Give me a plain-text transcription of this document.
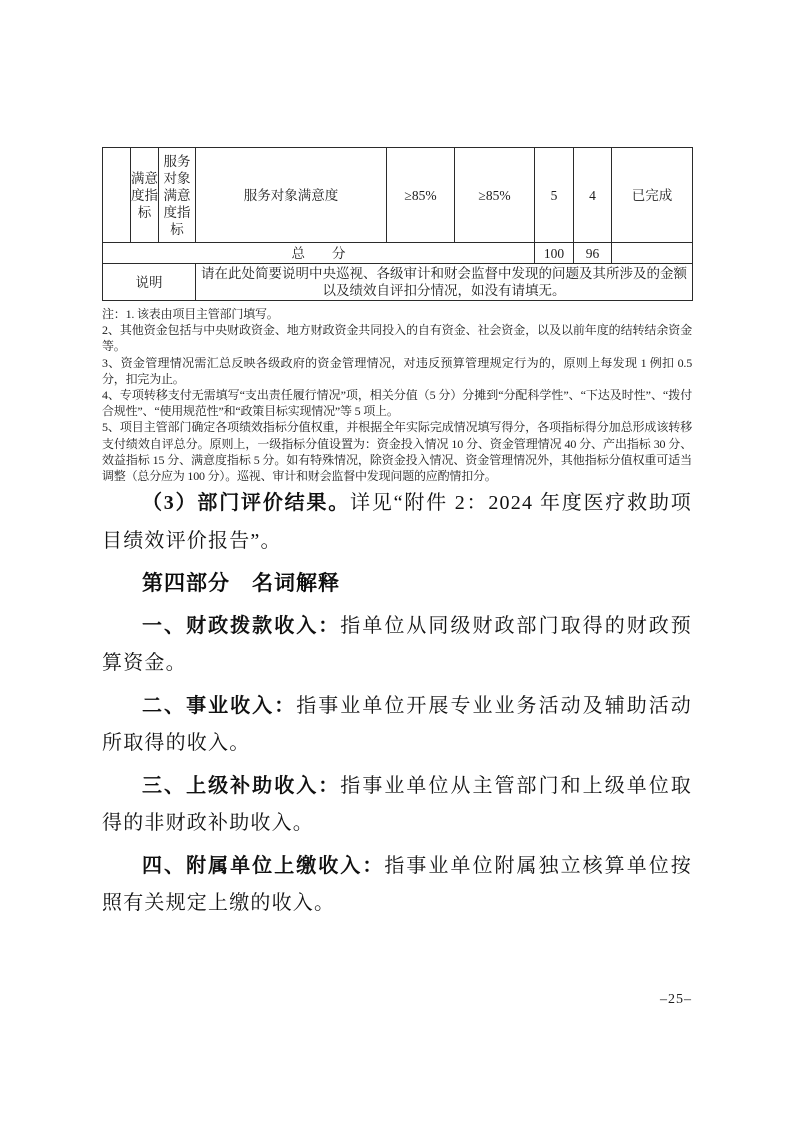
	满意度指标	服务对象满意度指标	服务对象满意度	≥85%	≥85%	5	4	已完成
总　　分						100	96	
说明			请在此处简要说明中央巡视、各级审计和财会监督中发现的问题及其所涉及的金额以及绩效自评扣分情况，如没有请填无。					

注：1. 该表由项目主管部门填写。

2、其他资金包括与中央财政资金、地方财政资金共同投入的自有资金、社会资金，以及以前年度的结转结余资金等。

3、资金管理情况需汇总反映各级政府的资金管理情况，对违反预算管理规定行为的，原则上每发现 1 例扣 0.5 分，扣完为止。

4、专项转移支付无需填写“支出责任履行情况”项，相关分值（5 分）分摊到“分配科学性”、“下达及时性”、“拨付合规性”、“使用规范性”和“政策目标实现情况”等 5 项上。

5、项目主管部门确定各项绩效指标分值权重，并根据全年实际完成情况填写得分，各项指标得分加总形成该转移支付绩效自评总分。原则上，一级指标分值设置为：资金投入情况 10 分、资金管理情况 40 分、产出指标 30 分、效益指标 15 分、满意度指标 5 分。如有特殊情况，除资金投入情况、资金管理情况外，其他指标分值权重可适当调整（总分应为 100 分）。巡视、审计和财会监督中发现问题的应酌情扣分。

（3）部门评价结果。详见“附件 2：2024 年度医疗救助项目绩效评价报告”。

第四部分　名词解释

一、财政拨款收入：指单位从同级财政部门取得的财政预算资金。

二、事业收入：指事业单位开展专业业务活动及辅助活动所取得的收入。

三、上级补助收入：指事业单位从主管部门和上级单位取得的非财政补助收入。

四、附属单位上缴收入：指事业单位附属独立核算单位按照有关规定上缴的收入。

–25–
